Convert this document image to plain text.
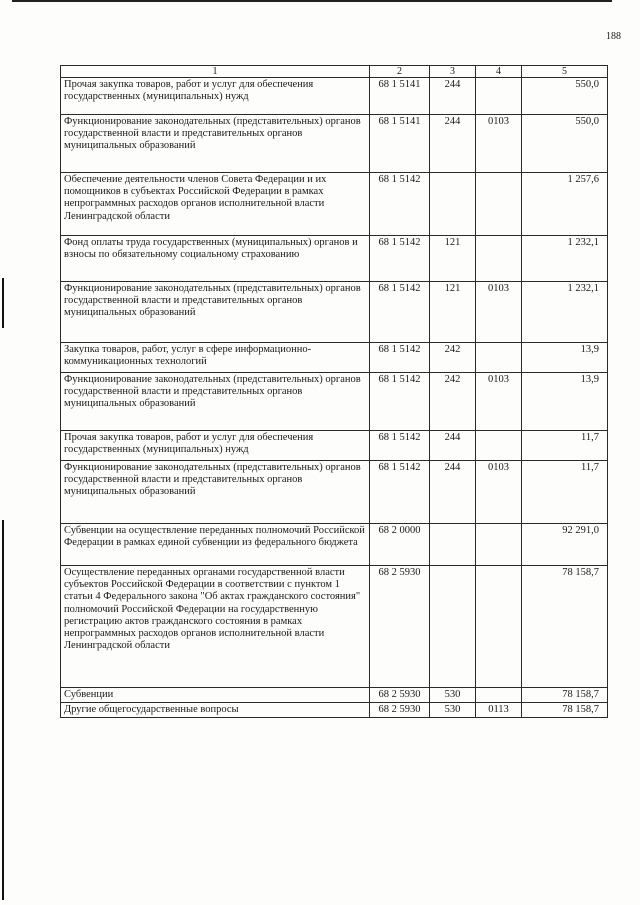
188
1	2	3	4	5
Прочая закупка товаров, работ и услуг для обеспечения государственных (муниципальных) нужд	68 1 5141	244		550,0
Функционирование законодательных (представительных) органов государственной власти и представительных органов муниципальных образований	68 1 5141	244	0103	550,0
Обеспечение деятельности членов Совета Федерации и их помощников в субъектах Российской Федерации в рамках непрограммных расходов органов исполнительной власти Ленинградской области	68 1 5142			1 257,6
Фонд оплаты труда государственных (муниципальных) органов и взносы по обязательному социальному страхованию	68 1 5142	121		1 232,1
Функционирование законодательных (представительных) органов государственной власти и представительных органов муниципальных образований	68 1 5142	121	0103	1 232,1
Закупка товаров, работ, услуг в сфере информационно-коммуникационных технологий	68 1 5142	242		13,9
Функционирование законодательных (представительных) органов государственной власти и представительных органов муниципальных образований	68 1 5142	242	0103	13,9
Прочая закупка товаров, работ и услуг для обеспечения государственных (муниципальных) нужд	68 1 5142	244		11,7
Функционирование законодательных (представительных) органов государственной власти и представительных органов муниципальных образований	68 1 5142	244	0103	11,7
Субвенции на осуществление переданных полномочий Российской Федерации в рамках единой субвенции из федерального бюджета	68 2 0000			92 291,0
Осуществление переданных органами государственной власти субъектов Российской Федерации в соответствии с пунктом 1 статьи 4 Федерального закона "Об актах гражданского состояния" полномочий Российской Федерации на государственную регистрацию актов гражданского состояния в рамках непрограммных расходов органов исполнительной власти Ленинградской области	68 2 5930			78 158,7
Субвенции	68 2 5930	530		78 158,7
Другие общегосударственные вопросы	68 2 5930	530	0113	78 158,7
